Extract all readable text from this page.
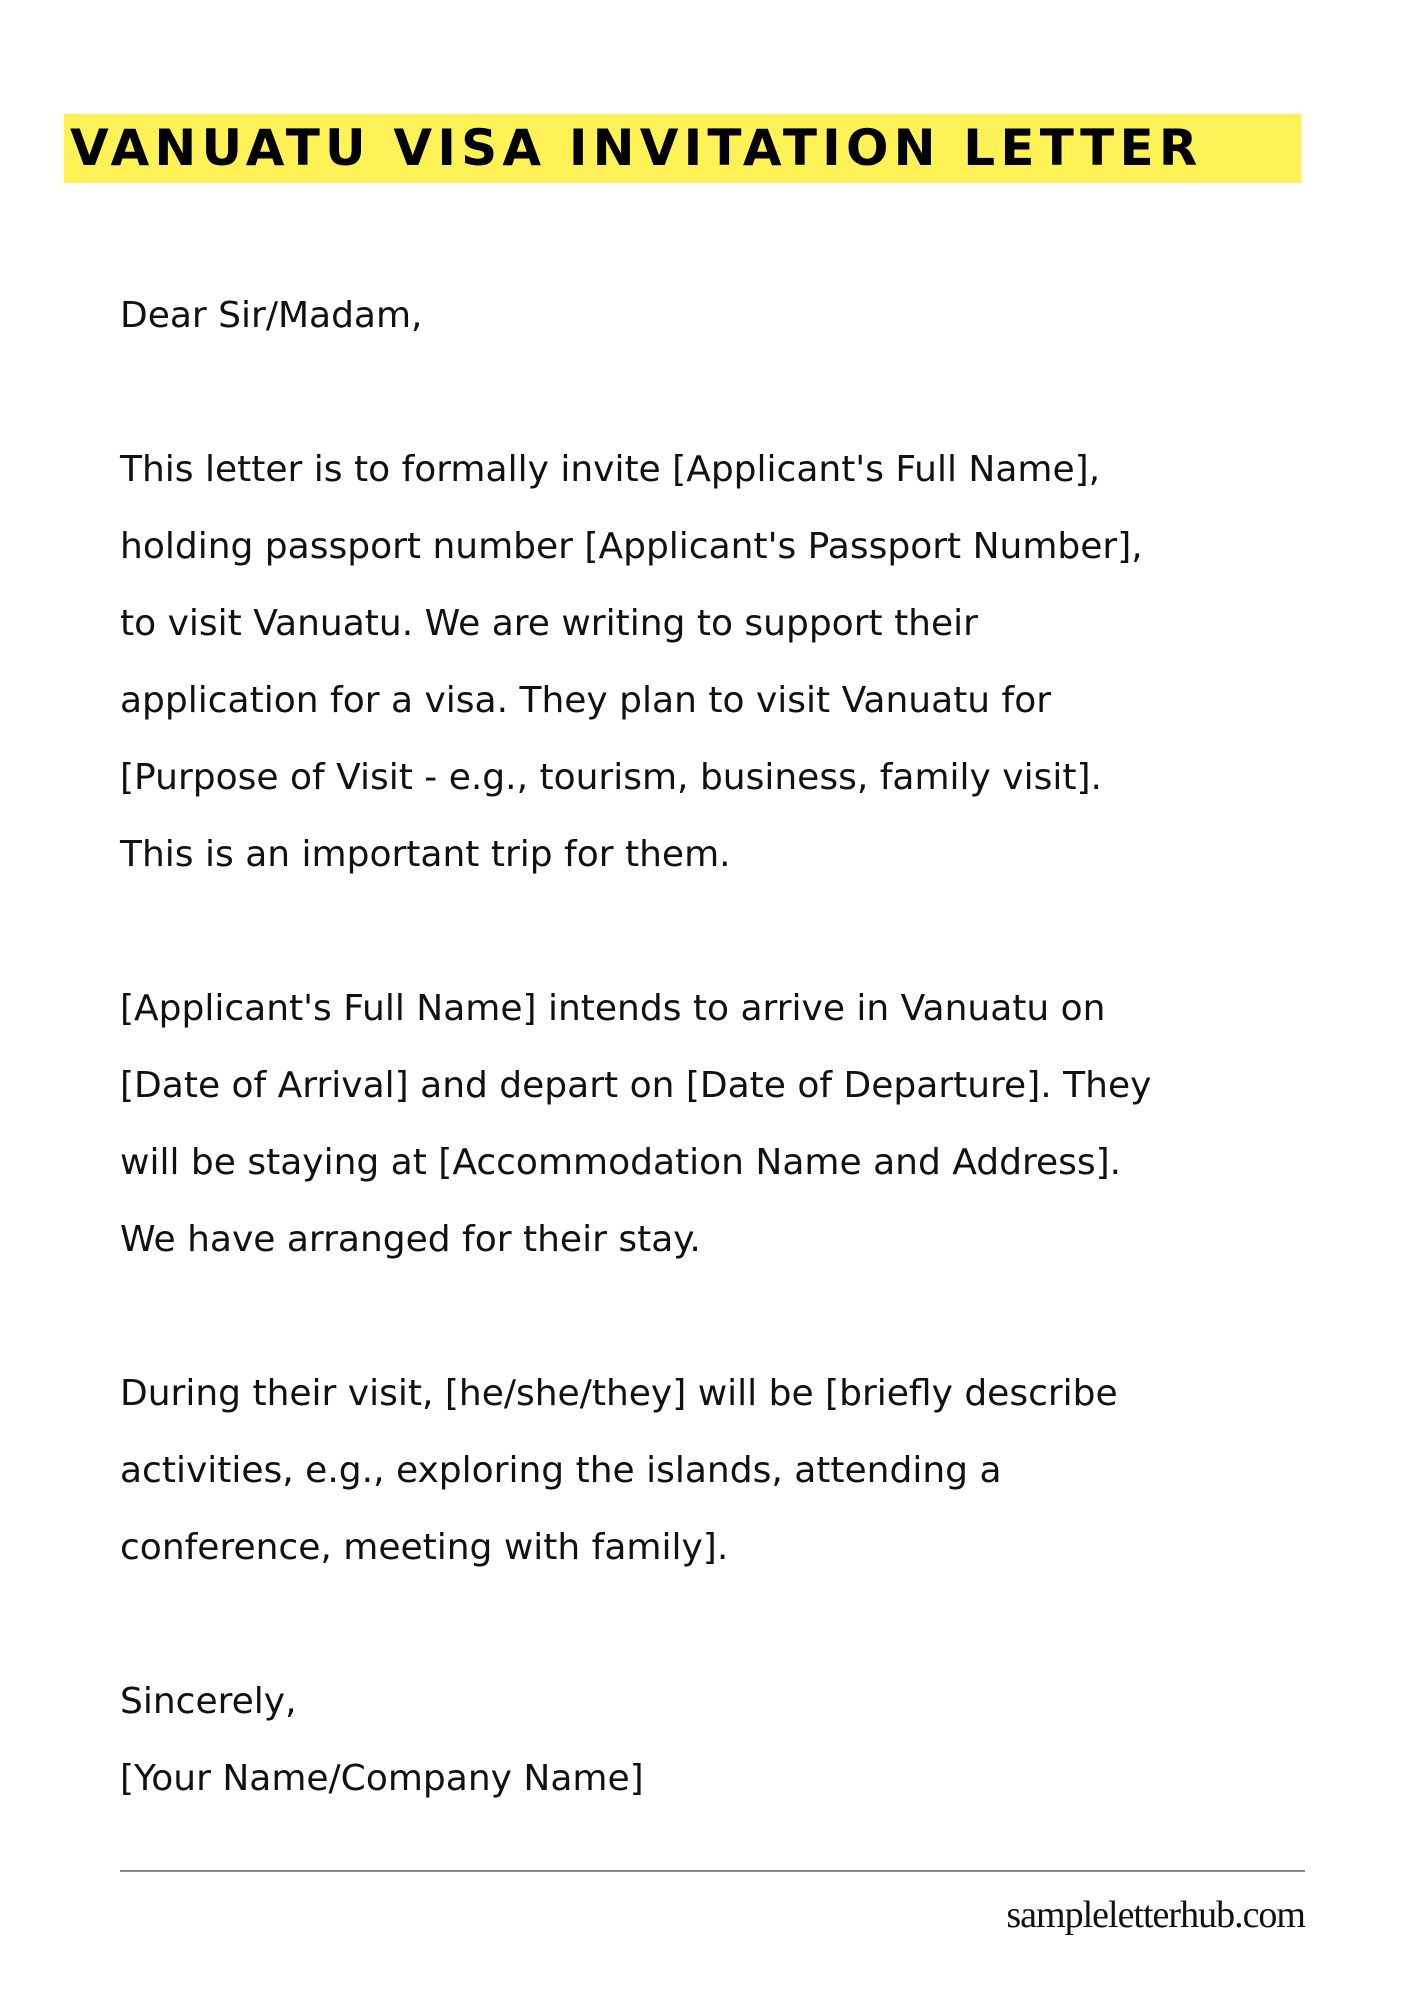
VANUATU VISA INVITATION LETTER
Dear Sir/Madam,
This letter is to formally invite [Applicant's Full Name],
holding passport number [Applicant's Passport Number],
to visit Vanuatu. We are writing to support their
application for a visa. They plan to visit Vanuatu for
[Purpose of Visit - e.g., tourism, business, family visit].
This is an important trip for them.
[Applicant's Full Name] intends to arrive in Vanuatu on
[Date of Arrival] and depart on [Date of Departure]. They
will be staying at [Accommodation Name and Address].
We have arranged for their stay.
During their visit, [he/she/they] will be [briefly describe
activities, e.g., exploring the islands, attending a
conference, meeting with family].
Sincerely,
[Your Name/Company Name]
sampleletterhub.com
